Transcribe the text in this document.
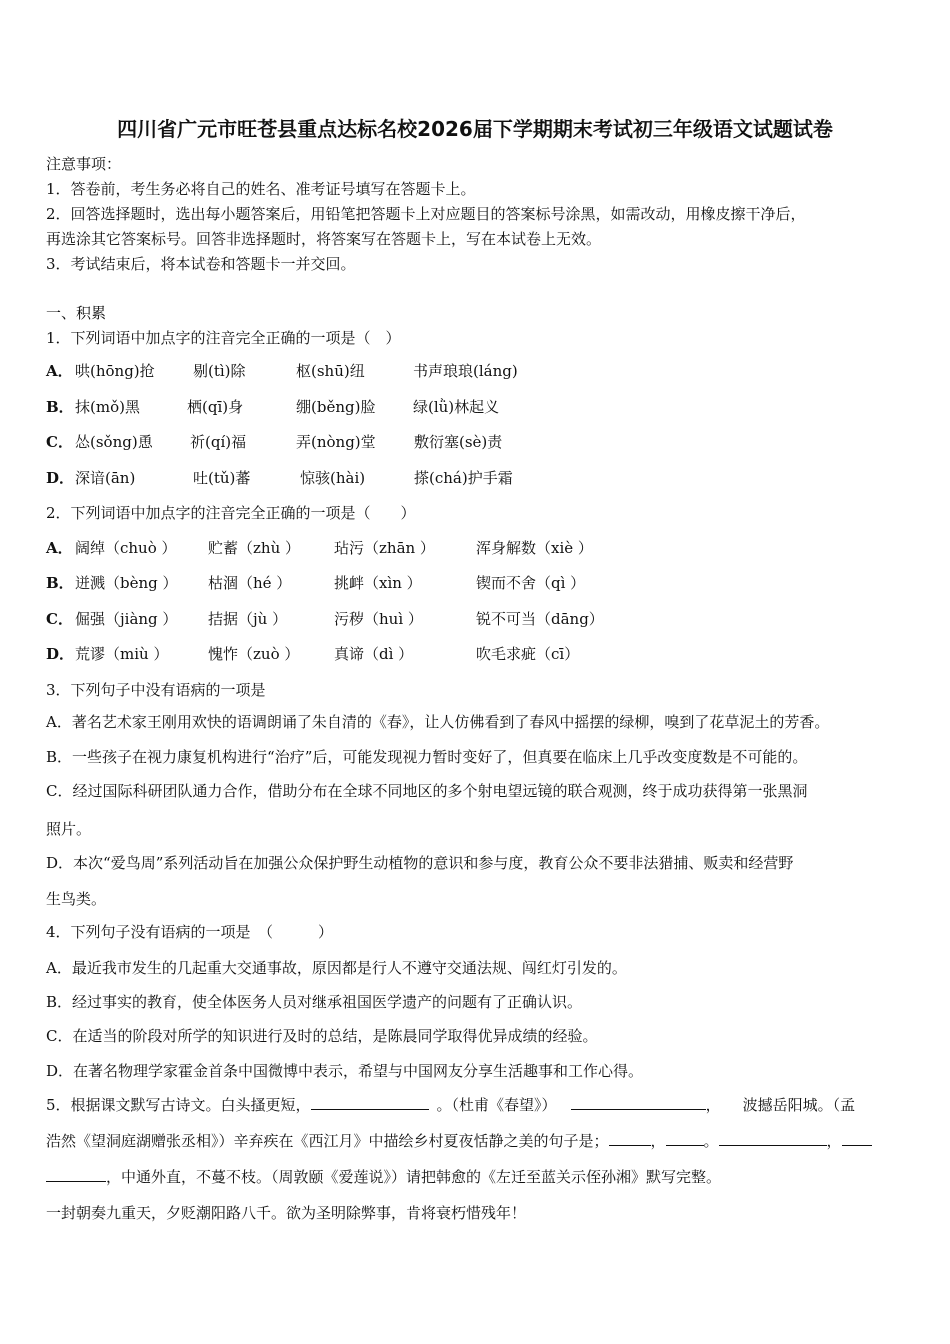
四川省广元市旺苍县重点达标名校2026届下学期期末考试初三年级语文试题试卷
注意事项：
1．答卷前，考生务必将自己的姓名、准考证号填写在答题卡上。
2．回答选择题时，选出每小题答案后，用铅笔把答题卡上对应题目的答案标号涂黑，如需改动，用橡皮擦干净后，
再选涂其它答案标号。回答非选择题时，将答案写在答题卡上，写在本试卷上无效。
3．考试结束后，将本试卷和答题卡一并交回。
一、积累
1．下列词语中加点字的注音完全正确的一项是（　）
A． 哄(hōng)抢	剔(tì)除	枢(shū)纽	书声琅琅(láng)
B． 抹(mǒ)黑	栖(qī)身	绷(běng)脸	绿(lǜ)林起义
C． 怂(sǒng)恿 祈(qí)福	弄(nòng)堂	敷衍塞(sè)责
D． 深谙(ān)	吐(tǔ)蕃	惊骇(hài)	搽(chá)护手霜
2．下列词语中加点字的注音完全正确的一项是（　　）
A． 阔绰（chuò ） 贮蓄（zhù ） 玷污（zhān ）	浑身解数（xiè ）
B． 迸溅（bèng ） 枯涸（hé ）	挑衅（xìn ）	锲而不舍（qì ）
C． 倔强（jiàng ） 拮据（jù ）	污秽（huì ）	锐不可当（dāng）
D． 荒谬（miù ）	愧怍（zuò ） 真谛（dì ）	吹毛求疵（cī）
3．下列句子中没有语病的一项是
A．著名艺术家王刚用欢快的语调朗诵了朱自清的《春》，让人仿佛看到了春风中摇摆的绿柳，嗅到了花草泥土的芳香。
B．一些孩子在视力康复机构进行“治疗”后，可能发现视力暂时变好了，但真要在临床上几乎改变度数是不可能的。
C．经过国际科研团队通力合作，借助分布在全球不同地区的多个射电望远镜的联合观测，终于成功获得第一张黑洞
照片。
D．本次“爱鸟周”系列活动旨在加强公众保护野生动植物的意识和参与度，教育公众不要非法猎捕、贩卖和经营野
生鸟类。
4．下列句子没有语病的一项是　（　　　）
A．最近我市发生的几起重大交通事故，原因都是行人不遵守交通法规、闯红灯引发的。
B．经过事实的教育，使全体医务人员对继承祖国医学遗产的问题有了正确认识。
C．在适当的阶段对所学的知识进行及时的总结，是陈晨同学取得优异成绩的经验。
D．在著名物理学家霍金首条中国微博中表示，希望与中国网友分享生活趣事和工作心得。
5．根据课文默写古诗文。白头搔更短，	。（杜甫《春望》）	， 波撼岳阳城。（孟
浩然《望洞庭湖赠张丞相》）辛弃疾在《西江月》中描绘乡村夏夜恬静之美的句子是；	，	。	，
，中通外直，不蔓不枝。（周敦颐《爱莲说》）请把韩愈的《左迁至蓝关示侄孙湘》默写完整。
一封朝奏九重天，夕贬潮阳路八千。欲为圣明除弊事，肯将衰朽惜残年！
